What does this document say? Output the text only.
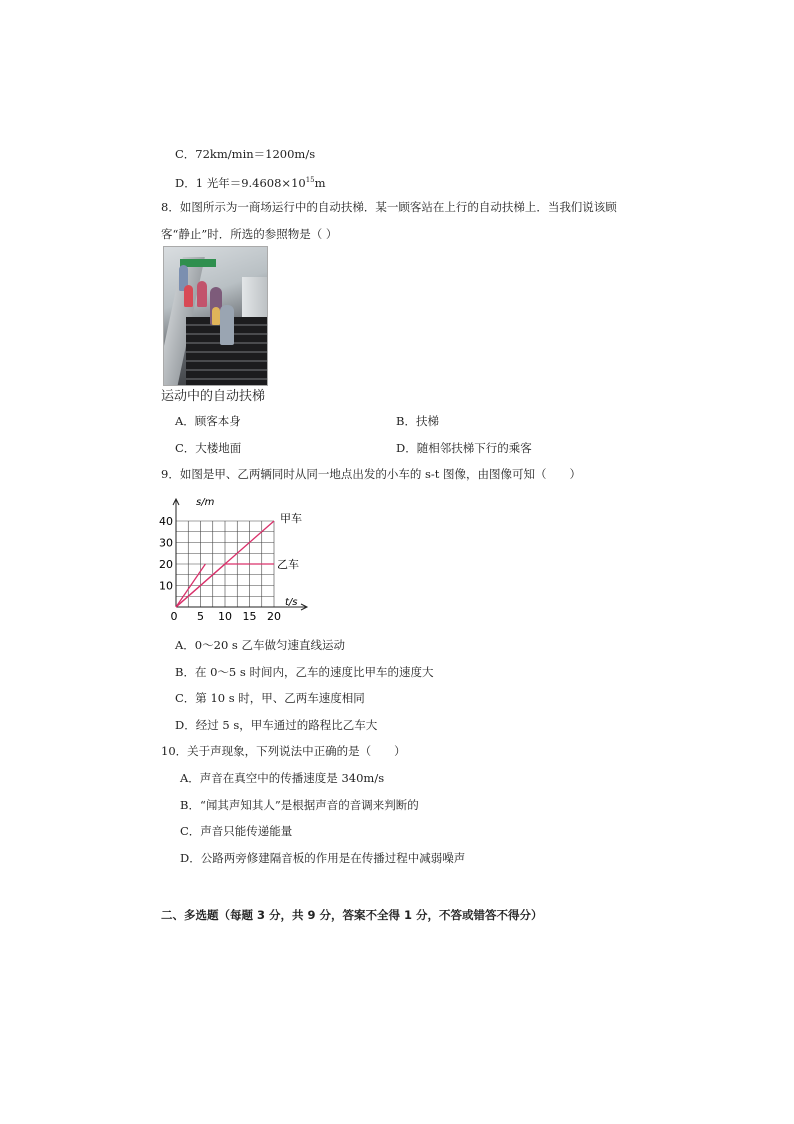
C．72km/min＝1200m/s
D．1 光年$=9.4608\times 10^{15}m$
8．如图所示为一商场运行中的自动扶梯．某一顾客站在上行的自动扶梯上．当我们说该顾
客“静止”时．所选的参照物是（ ）
运动中的自动扶梯
A．顾客本身	B．扶梯
C．大楼地面	D．随相邻扶梯下行的乘客
9．如图是甲、乙两辆同时从同一地点出发的小车的 s-t 图像，由图像可知（　　）
0 5 10 15 20
10
20
30
40
s/m
t/s
甲车
乙车
A．0～20 s 乙车做匀速直线运动
B．在 0～5 s 时间内，乙车的速度比甲车的速度大
C．第 10 s 时，甲、乙两车速度相同
D．经过 5 s，甲车通过的路程比乙车大
10．关于声现象，下列说法中正确的是（　　）
A．声音在真空中的传播速度是 340m/s
B．“闻其声知其人”是根据声音的音调来判断的
C．声音只能传递能量
D．公路两旁修建隔音板的作用是在传播过程中减弱噪声
二、多选题（每题 3 分，共 9 分，答案不全得 1 分，不答或错答不得分）
